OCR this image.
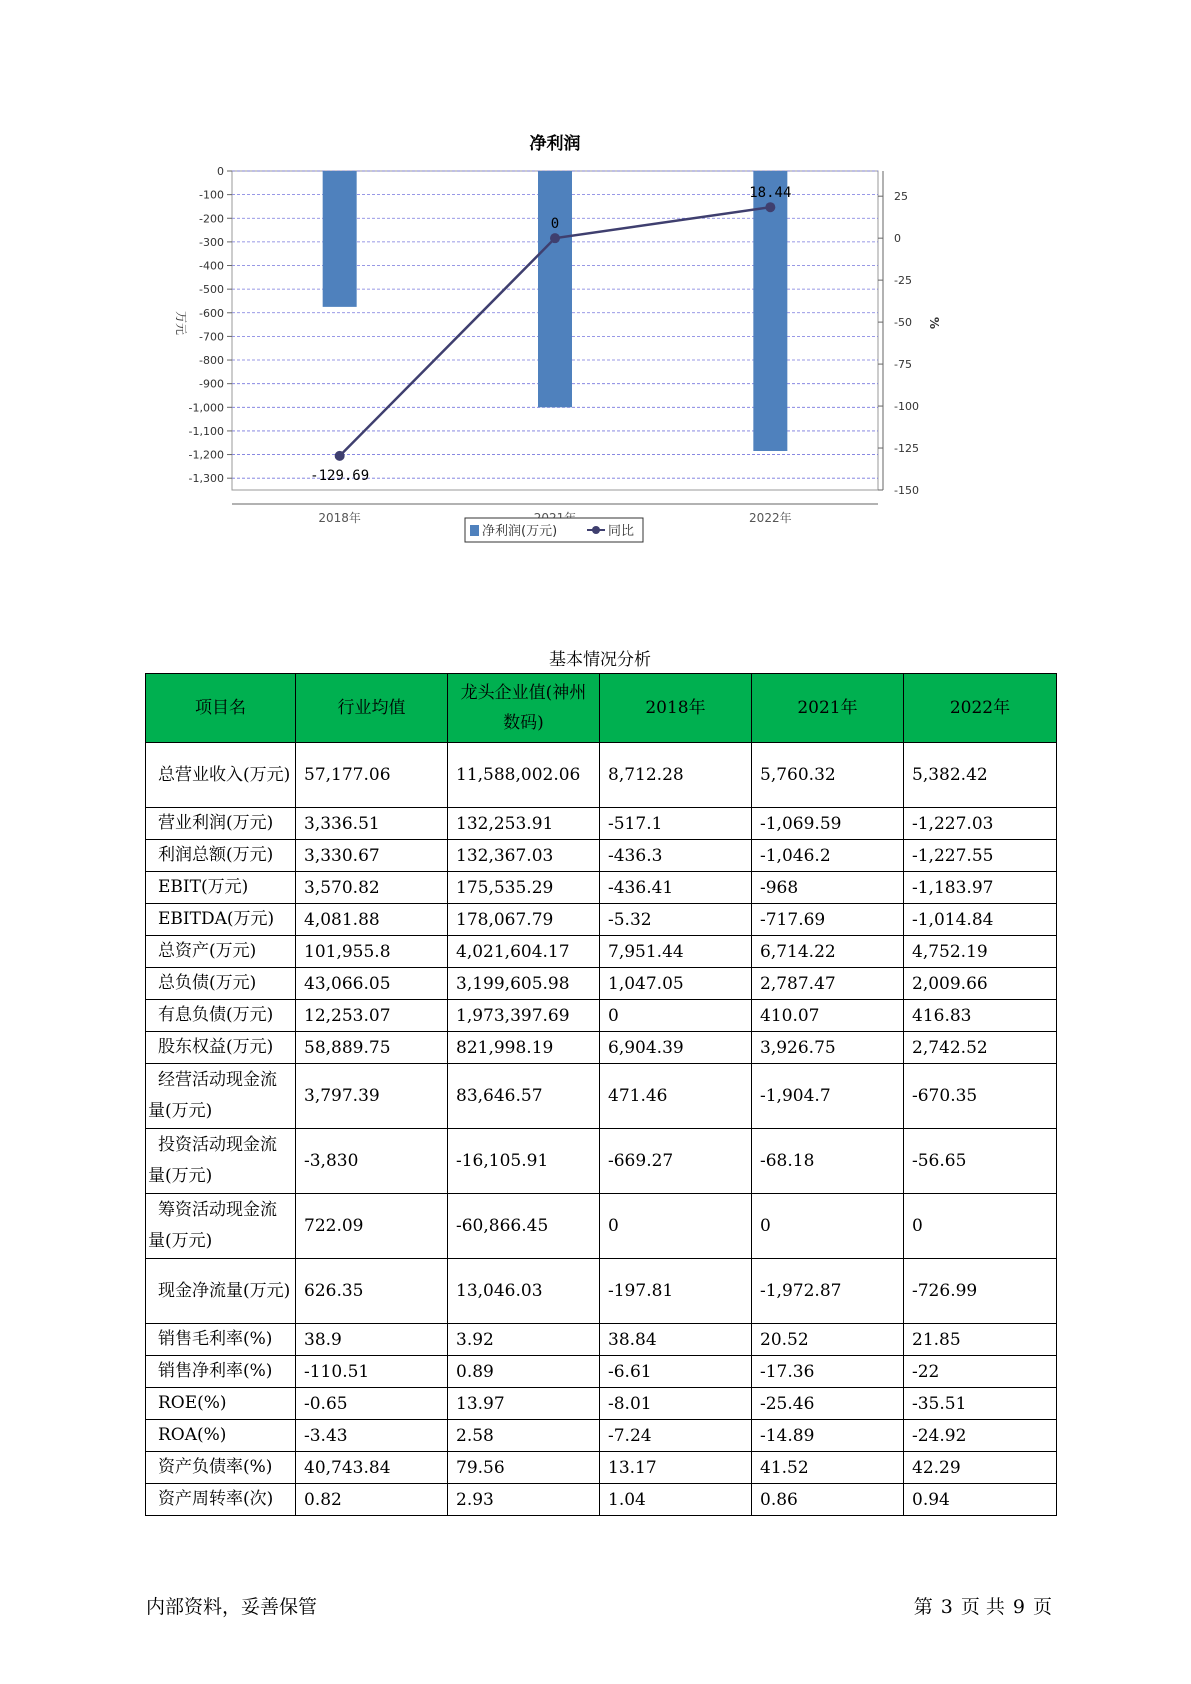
净利润
0
-100
-200
-300
-400
-500
-600
-700
-800
-900
-1,000
-1,100
-1,200
-1,300
25
0
-25
-50
-75
-100
-125
-150
万元	%
2018年	2022年
-129.69
0
18.44
净利润(万元)	同比
基本情况分析
项目名	行业均值	龙头企业值(神州数码)	2018年	2021年	2022年
总营业收入(万元)	57,177.06	11,588,002.06	8,712.28	5,760.32	5,382.42
营业利润(万元)	3,336.51	132,253.91	-517.1	-1,069.59	-1,227.03
利润总额(万元)	3,330.67	132,367.03	-436.3	-1,046.2	-1,227.55
EBIT(万元)	3,570.82	175,535.29	-436.41	-968	-1,183.97
EBITDA(万元)	4,081.88	178,067.79	-5.32	-717.69	-1,014.84
总资产(万元)	101,955.8	4,021,604.17	7,951.44	6,714.22	4,752.19
总负债(万元)	43,066.05	3,199,605.98	1,047.05	2,787.47	2,009.66
有息负债(万元)	12,253.07	1,973,397.69	0	410.07	416.83
股东权益(万元)	58,889.75	821,998.19	6,904.39	3,926.75	2,742.52
经营活动现金流量(万元)	3,797.39	83,646.57	471.46	-1,904.7	-670.35
投资活动现金流量(万元)	-3,830	-16,105.91	-669.27	-68.18	-56.65
筹资活动现金流量(万元)	722.09	-60,866.45	0	0	0
现金净流量(万元)	626.35	13,046.03	-197.81	-1,972.87	-726.99
销售毛利率(%)	38.9	3.92	38.84	20.52	21.85
销售净利率(%)	-110.51	0.89	-6.61	-17.36	-22
ROE(%)	-0.65	13.97	-8.01	-25.46	-35.51
ROA(%)	-3.43	2.58	-7.24	-14.89	-24.92
资产负债率(%)	40,743.84	79.56	13.17	41.52	42.29
资产周转率(次)	0.82	2.93	1.04	0.86	0.94
内部资料，妥善保管	第 3 页 共 9 页
